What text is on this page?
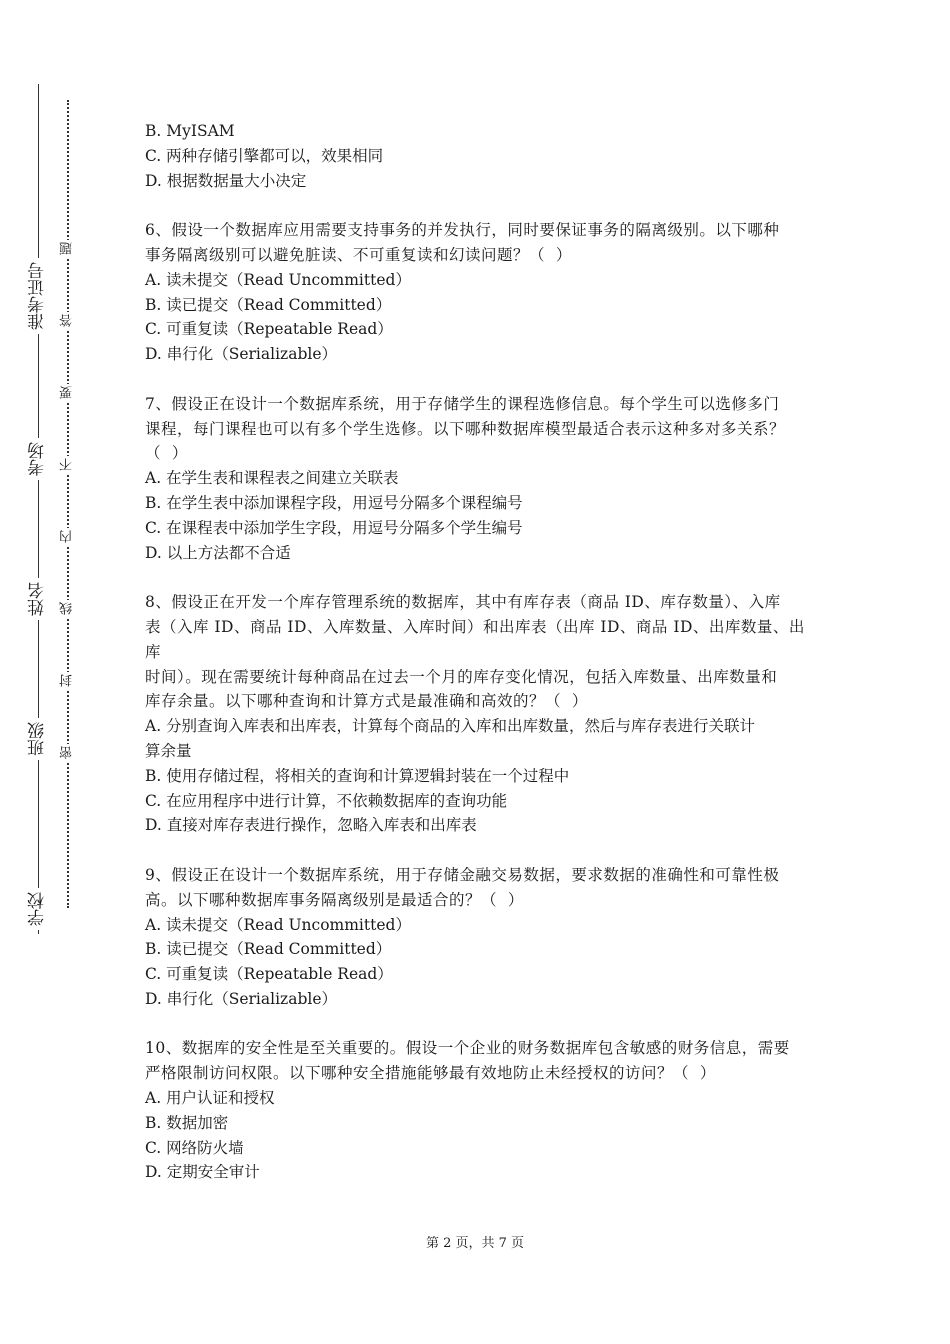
准考证号
考场
姓名
班级
学校
题
答
要
不
内
线
封
密

B. MyISAM

C. 两种存储引擎都可以，效果相同

D. 根据数据量大小决定

6、假设一个数据库应用需要支持事务的并发执行，同时要保证事务的隔离级别。以下哪种

事务隔离级别可以避免脏读、不可重复读和幻读问题？（  ）

A. 读未提交（Read Uncommitted）

B. 读已提交（Read Committed）

C. 可重复读（Repeatable Read）

D. 串行化（Serializable）

7、假设正在设计一个数据库系统，用于存储学生的课程选修信息。每个学生可以选修多门

课程，每门课程也可以有多个学生选修。以下哪种数据库模型最适合表示这种多对多关系？

（  ）

A. 在学生表和课程表之间建立关联表

B. 在学生表中添加课程字段，用逗号分隔多个课程编号

C. 在课程表中添加学生字段，用逗号分隔多个学生编号

D. 以上方法都不合适

8、假设正在开发一个库存管理系统的数据库，其中有库存表（商品 ID、库存数量）、入库

表（入库 ID、商品 ID、入库数量、入库时间）和出库表（出库 ID、商品 ID、出库数量、出库

时间）。现在需要统计每种商品在过去一个月的库存变化情况，包括入库数量、出库数量和

库存余量。以下哪种查询和计算方式是最准确和高效的？（  ）

A. 分别查询入库表和出库表，计算每个商品的入库和出库数量，然后与库存表进行关联计

算余量

B. 使用存储过程，将相关的查询和计算逻辑封装在一个过程中

C. 在应用程序中进行计算，不依赖数据库的查询功能

D. 直接对库存表进行操作，忽略入库表和出库表

9、假设正在设计一个数据库系统，用于存储金融交易数据，要求数据的准确性和可靠性极

高。以下哪种数据库事务隔离级别是最适合的？（  ）

A. 读未提交（Read Uncommitted）

B. 读已提交（Read Committed）

C. 可重复读（Repeatable Read）

D. 串行化（Serializable）

10、数据库的安全性是至关重要的。假设一个企业的财务数据库包含敏感的财务信息，需要

严格限制访问权限。以下哪种安全措施能够最有效地防止未经授权的访问？（  ）

A. 用户认证和授权

B. 数据加密

C. 网络防火墙

D. 定期安全审计

第 2 页，共 7 页
